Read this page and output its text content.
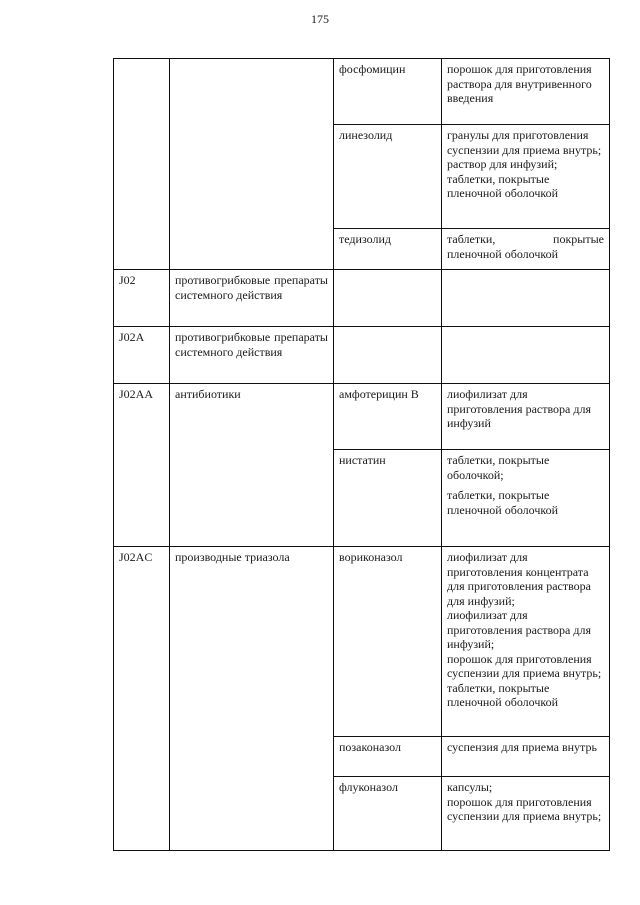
175
		фосфомицин	порошок для приготовления раствора для внутривенного введения

		линезолид	гранулы для приготовления суспензии для приема внутрь;
раствор для инфузий;
таблетки, покрытые пленочной оболочкой

		тедизолид	таблетки, покрытые пленочной оболочкой

J02	противогрибковые препараты системного действия		
J02A	противогрибковые препараты системного действия		
J02AA	антибиотики	амфотерицин В	лиофилизат для приготовления раствора для инфузий

		нистатин	таблетки, покрытые оболочкой;
таблетки, покрытые пленочной оболочкой

J02AC	производные триазола	вориконазол	лиофилизат для приготовления концентрата для приготовления раствора для инфузий;
лиофилизат для приготовления раствора для инфузий;
порошок для приготовления суспензии для приема внутрь;
таблетки, покрытые пленочной оболочкой

		позаконазол	суспензия для приема внутрь

		флуконазол	капсулы;
порошок для приготовления суспензии для приема внутрь;
